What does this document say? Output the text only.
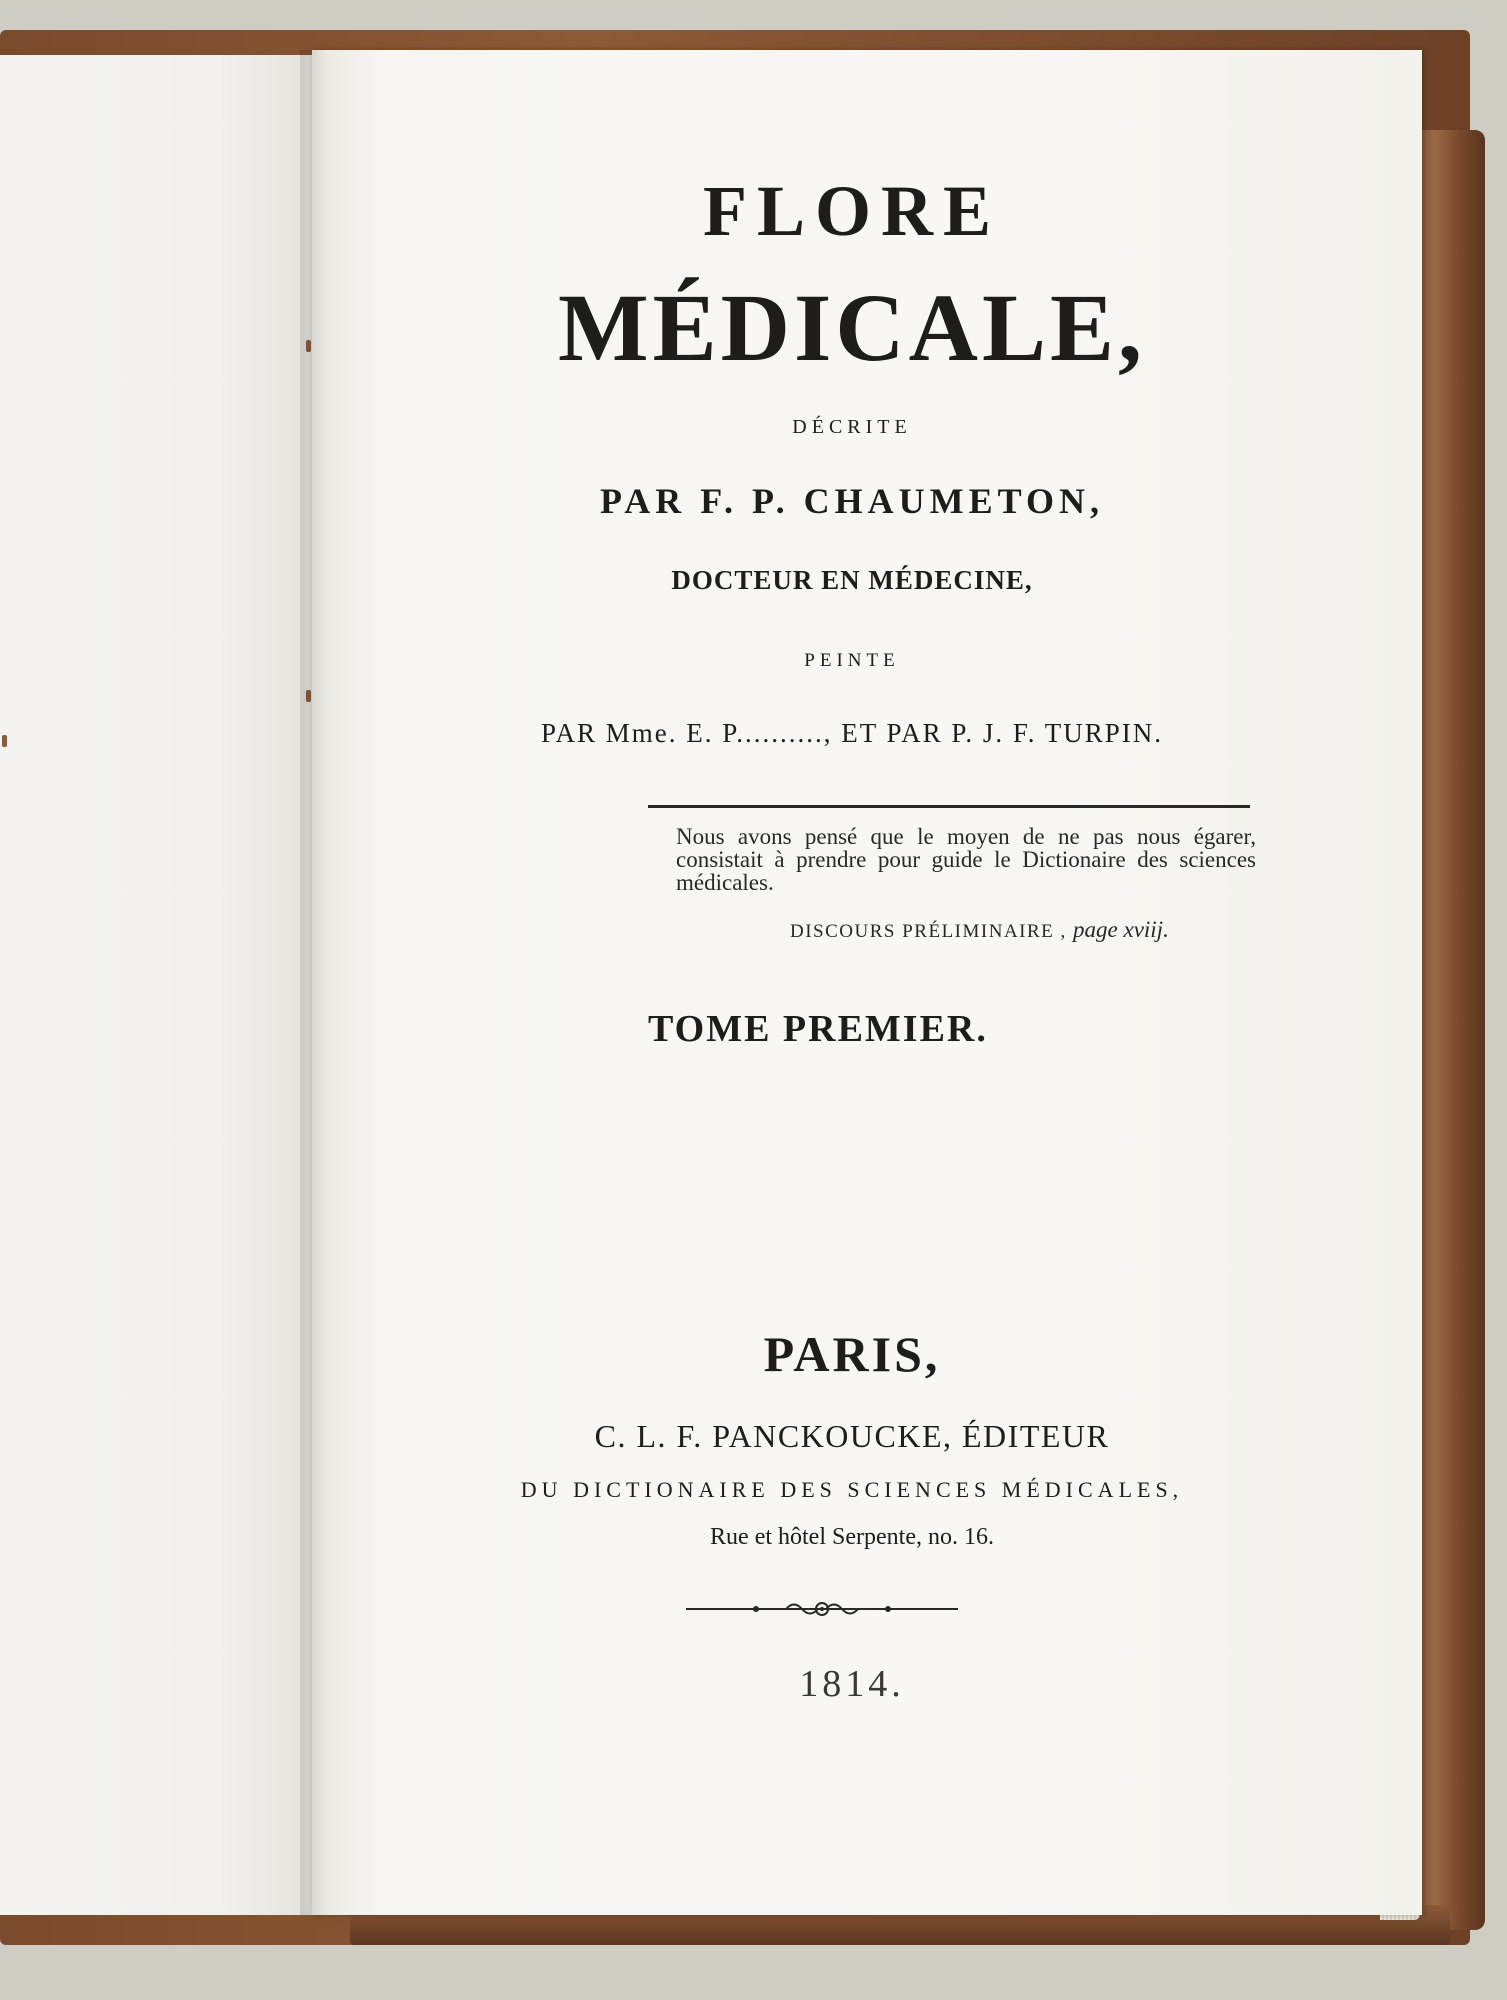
FLORE
MÉDICALE,
DÉCRITE
PAR F. P. CHAUMETON,
DOCTEUR EN MÉDECINE,
PEINTE
PAR Mme. E. P.........., ET PAR P. J. F. TURPIN.
Nous avons pensé que le moyen de ne pas nous égarer, consistait à prendre pour guide le Dictionaire des sciences médicales.
DISCOURS PRÉLIMINAIRE , page xviij.
TOME PREMIER.
PARIS,
C. L. F. PANCKOUCKE, ÉDITEUR
DU DICTIONAIRE DES SCIENCES MÉDICALES,
Rue et hôtel Serpente, no. 16.
1814.
